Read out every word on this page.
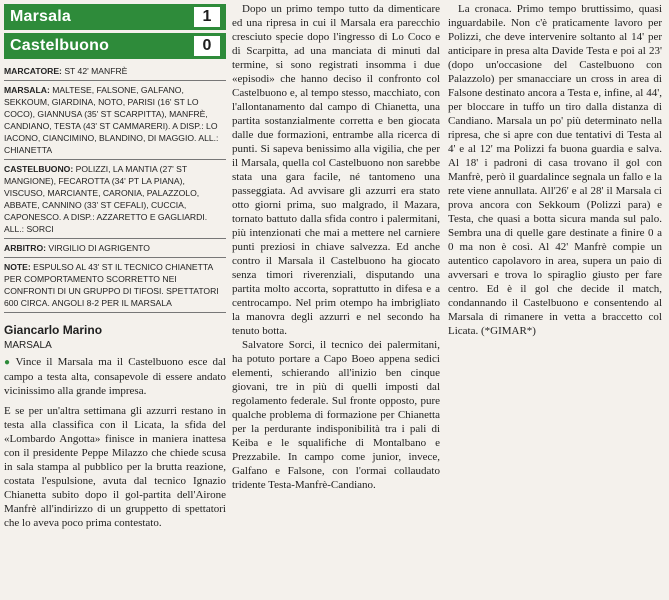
Marsala	1
Castelbuono	0
MARCATORE: ST 42' MANFRÈ
MARSALA: MALTESE, FALSONE, GALFANO, SEKKOUM, GIARDINA, NOTO, PARISI (16' ST LO COCO), GIANNUSA (35' ST SCARPITTA), MANFRÈ, CANDIANO, TESTA (43' ST CAMMARERI). A DISP.: LO IACONO, CIANCIMINO, BLANDINO, DI MAGGIO. ALL.: CHIANETTA
CASTELBUONO: POLIZZI, LA MANTIA (27' ST MANGIONE), FECAROTTA (34' PT LA PIANA), VISCUSO, MARCIANTE, CARONIA, PALAZZOLO, ABBATE, CANNINO (33' ST CEFALI), CUCCIA, CAPONESCO. A DISP.: AZZARETTO E GAGLIARDI. ALL.: SORCI
ARBITRO: VIRGILIO DI AGRIGENTO
NOTE: ESPULSO AL 43' ST IL TECNICO CHIANETTA PER COMPORTAMENTO SCORRETTO NEI CONFRONTI DI UN GRUPPO DI TIFOSI. SPETTATORI 600 CIRCA. ANGOLI 8-2 PER IL MARSALA
Giancarlo Marino
MARSALA

● Vince il Marsala ma il Castelbuono esce dal campo a testa alta, consapevole di essere andato vicinissimo alla grande impresa.

E se per un'altra settimana gli azzurri restano in testa alla classifica con il Licata, la sfida del «Lombardo Angotta» finisce in maniera inattesa con il presidente Peppe Milazzo che chiede scusa in sala stampa al pubblico per la brutta reazione, costata l'espulsione, avuta dal tecnico Ignazio Chianetta subito dopo il gol-partita dell'Airone Manfrè all'indirizzo di un gruppetto di spettatori che lo aveva poco prima contestato.

Dopo un primo tempo tutto da dimenticare ed una ripresa in cui il Marsala era parecchio cresciuto specie dopo l'ingresso di Lo Coco e di Scarpitta, ad una manciata di minuti dal termine, si sono registrati insomma i due «episodi» che hanno deciso il confronto col Castelbuono e, al tempo stesso, macchiato, con l'allontanamento dal campo di Chianetta, una partita sostanzialmente corretta e ben giocata dalle due formazioni, entrambe alla ricerca di punti. Si sapeva benissimo alla vigilia, che per il Marsala, quella col Castelbuono non sarebbe stata una gara facile, né tantomeno una passeggiata. Ad avvisare gli azzurri era stato otto giorni prima, suo malgrado, il Mazara, tornato battuto dalla sfida contro i palermitani, più intenzionati che mai a mettere nel carniere punti preziosi in chiave salvezza. Ed anche contro il Marsala il Castelbuono ha giocato senza timori riverenziali, disputando una partita molto accorta, soprattutto in difesa e a centrocampo. Nel prim otempo ha imbrigliato la manovra degli azzurri e nel secondo ha tenuto botta.

Salvatore Sorci, il tecnico dei palermitani, ha potuto portare a Capo Boeo appena sedici elementi, schierando all'inizio ben cinque giovani, tre in più di quelli imposti dal regolamento federale. Sul fronte opposto, pure qualche problema di formazione per Chianetta per la perdurante indisponibilità tra i pali di Keiba e le squalifiche di Montalbano e Prezzabile. In campo come junior, invece, Galfano e Falsone, con l'ormai collaudato tridente Testa-Manfrè-Candiano.

La cronaca. Primo tempo bruttissimo, quasi inguardabile. Non c'è praticamente lavoro per Polizzi, che deve intervenire soltanto al 14' per anticipare in presa alta Davide Testa e poi al 23' (dopo un'occasione del Castelbuono con Palazzolo) per smanacciare un cross in area di Falsone destinato ancora a Testa e, infine, al 44', per bloccare in tuffo un tiro dalla distanza di Candiano. Marsala un po' più determinato nella ripresa, che si apre con due tentativi di Testa al 4' e al 12' ma Polizzi fa buona guardia e salva. Al 18' i padroni di casa trovano il gol con Manfrè, però il guardalince segnala un fallo e la rete viene annullata. All'26' e al 28' il Marsala ci prova ancora con Sekkoum (Polizzi para) e Testa, che quasi a botta sicura manda sul palo. Sembra una di quelle gare destinate a finire 0 a 0 ma non è così. Al 42' Manfrè compie un autentico capolavoro in area, supera un paio di avversari e trova lo spiraglio giusto per fare centro. Ed è il gol che decide il match, condannando il Castelbuono e consentendo al Marsala di rimanere in vetta a braccetto col Licata. (*GIMAR*)
